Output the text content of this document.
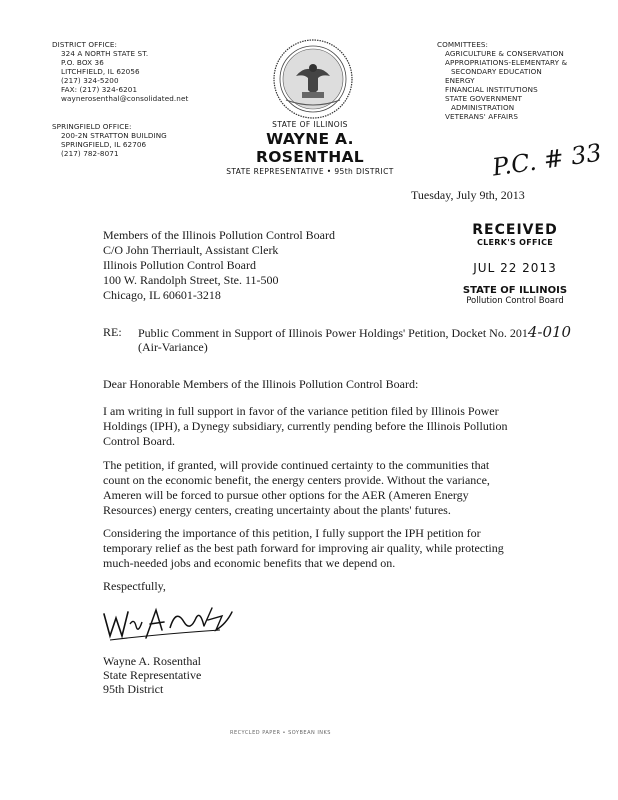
DISTRICT OFFICE:
324 A NORTH STATE ST.
P.O. BOX 36
LITCHFIELD, IL 62056
(217) 324-5200
FAX: (217) 324-6201
waynerosenthal@consolidated.net
SPRINGFIELD OFFICE:
200-2N STRATTON BUILDING
SPRINGFIELD, IL 62706
(217) 782-8071
COMMITTEES:
AGRICULTURE & CONSERVATION
APPROPRIATIONS-ELEMENTARY &
SECONDARY EDUCATION
ENERGY
FINANCIAL INSTITUTIONS
STATE GOVERNMENT
ADMINISTRATION
VETERANS' AFFAIRS
STATE OF ILLINOIS
WAYNE A. ROSENTHAL
STATE REPRESENTATIVE • 95th DISTRICT	P.C. # 33
Tuesday, July 9th, 2013
Members of the Illinois Pollution Control Board
C/O John Therriault, Assistant Clerk
Illinois Pollution Control Board
100 W. Randolph Street, Ste. 11-500
Chicago, IL 60601-3218
RECEIVED
CLERK'S OFFICE
JUL 22 2013
STATE OF ILLINOIS
Pollution Control Board
RE: Public Comment in Support of Illinois Power Holdings' Petition, Docket No. 2014-010
(Air-Variance)
Dear Honorable Members of the Illinois Pollution Control Board:
I am writing in full support in favor of the variance petition filed by Illinois Power
Holdings (IPH), a Dynegy subsidiary, currently pending before the Illinois Pollution
Control Board.
The petition, if granted, will provide continued certainty to the communities that
count on the economic benefit, the energy centers provide. Without the variance,
Ameren will be forced to pursue other options for the AER (Ameren Energy
Resources) energy centers, creating uncertainty about the plants' futures.
Considering the importance of this petition, I fully support the IPH petition for
temporary relief as the best path forward for improving air quality, while protecting
much-needed jobs and economic benefits that we depend on.
Respectfully,
Wayne A. Rosenthal
State Representative
95th District
RECYCLED PAPER • SOYBEAN INKS
